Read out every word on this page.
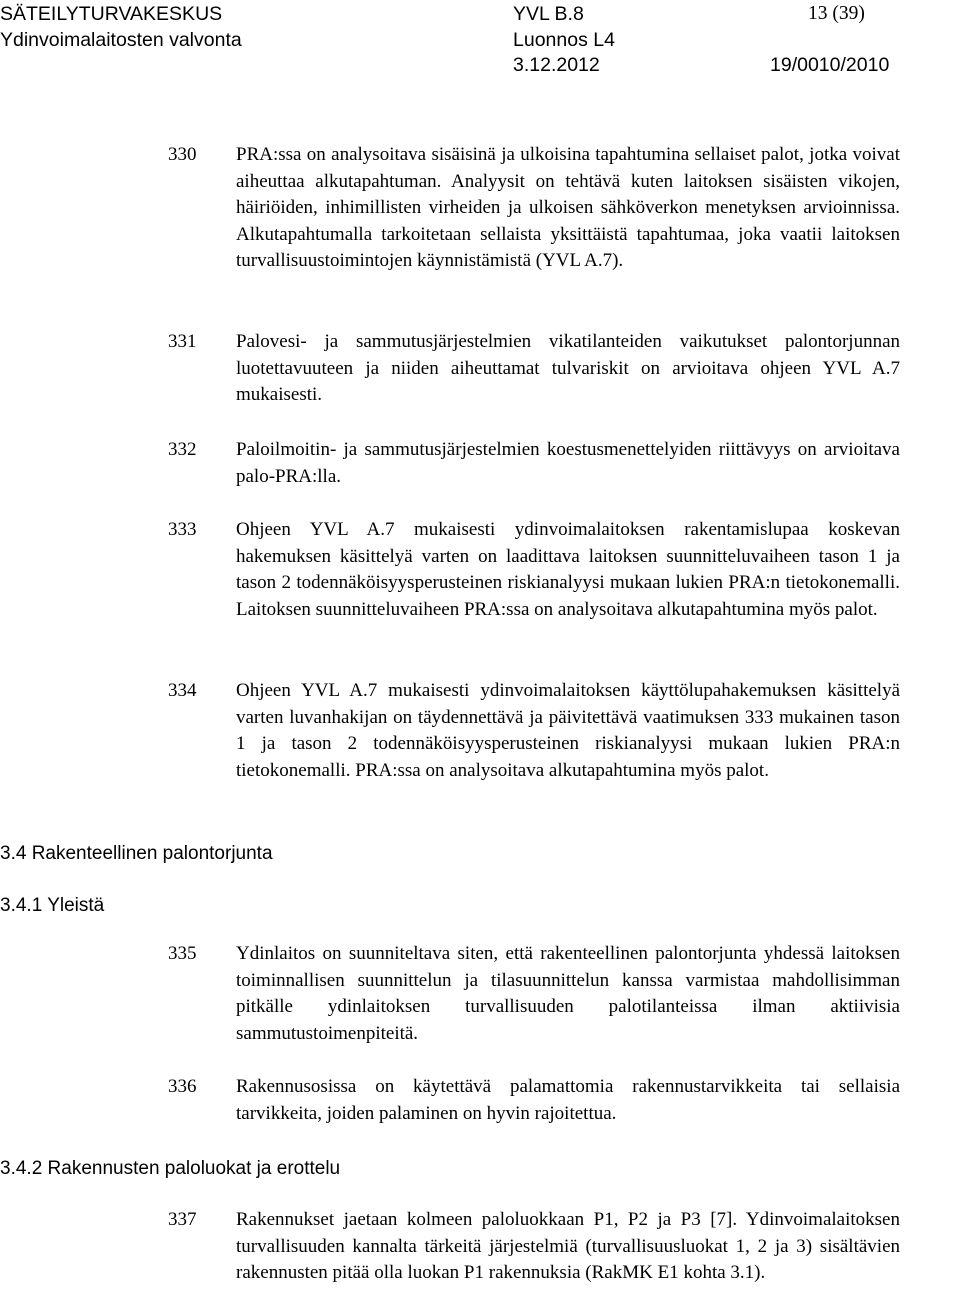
SÄTEILYTURVAKESKUS	YVL B.8	13 (39)
Ydinvoimalaitosten valvonta	Luonnos L4
3.12.2012	19/0010/2010
330 PRA:ssa on analysoitava sisäisinä ja ulkoisina tapahtumina sellaiset palot, jotka voivat aiheuttaa alkutapahtuman. Analyysit on tehtävä kuten laitoksen sisäisten vikojen, häiriöiden, inhimillisten virheiden ja ulkoisen sähköverkon menetyksen arvioinnissa. Alkutapahtumalla tarkoitetaan sellaista yksittäistä tapahtumaa, joka vaatii laitoksen turvallisuustoimintojen käynnistämistä (YVL A.7).
331 Palovesi- ja sammutusjärjestelmien vikatilanteiden vaikutukset palontorjunnan luotettavuuteen ja niiden aiheuttamat tulvariskit on arvioitava ohjeen YVL A.7 mukaisesti.
332 Paloilmoitin- ja sammutusjärjestelmien koestusmenettelyiden riittävyys on arvioitava palo-PRA:lla.
333 Ohjeen YVL A.7 mukaisesti ydinvoimalaitoksen rakentamislupaa koskevan hakemuksen käsittelyä varten on laadittava laitoksen suunnitteluvaiheen tason 1 ja tason 2 todennäköisyysperusteinen riskianalyysi mukaan lukien PRA:n tietokonemalli. Laitoksen suunnitteluvaiheen PRA:ssa on analysoitava alkutapahtumina myös palot.
334 Ohjeen YVL A.7 mukaisesti ydinvoimalaitoksen käyttölupahakemuksen käsittelyä varten luvanhakijan on täydennettävä ja päivitettävä vaatimuksen 333 mukainen tason 1 ja tason 2 todennäköisyysperusteinen riskianalyysi mukaan lukien PRA:n tietokonemalli. PRA:ssa on analysoitava alkutapahtumina myös palot.
3.4 Rakenteellinen palontorjunta
3.4.1 Yleistä
335 Ydinlaitos on suunniteltava siten, että rakenteellinen palontorjunta yhdessä laitoksen toiminnallisen suunnittelun ja tilasuunnittelun kanssa varmistaa mahdollisimman pitkälle ydinlaitoksen turvallisuuden palotilanteissa ilman aktiivisia sammutustoimenpiteitä.
336 Rakennusosissa on käytettävä palamattomia rakennustarvikkeita tai sellaisia tarvikkeita, joiden palaminen on hyvin rajoitettua.
3.4.2 Rakennusten paloluokat ja erottelu
337 Rakennukset jaetaan kolmeen paloluokkaan P1, P2 ja P3 [7]. Ydinvoimalaitoksen turvallisuuden kannalta tärkeitä järjestelmiä (turvallisuusluokat 1, 2 ja 3) sisältävien rakennusten pitää olla luokan P1 rakennuksia (RakMK E1 kohta 3.1).
